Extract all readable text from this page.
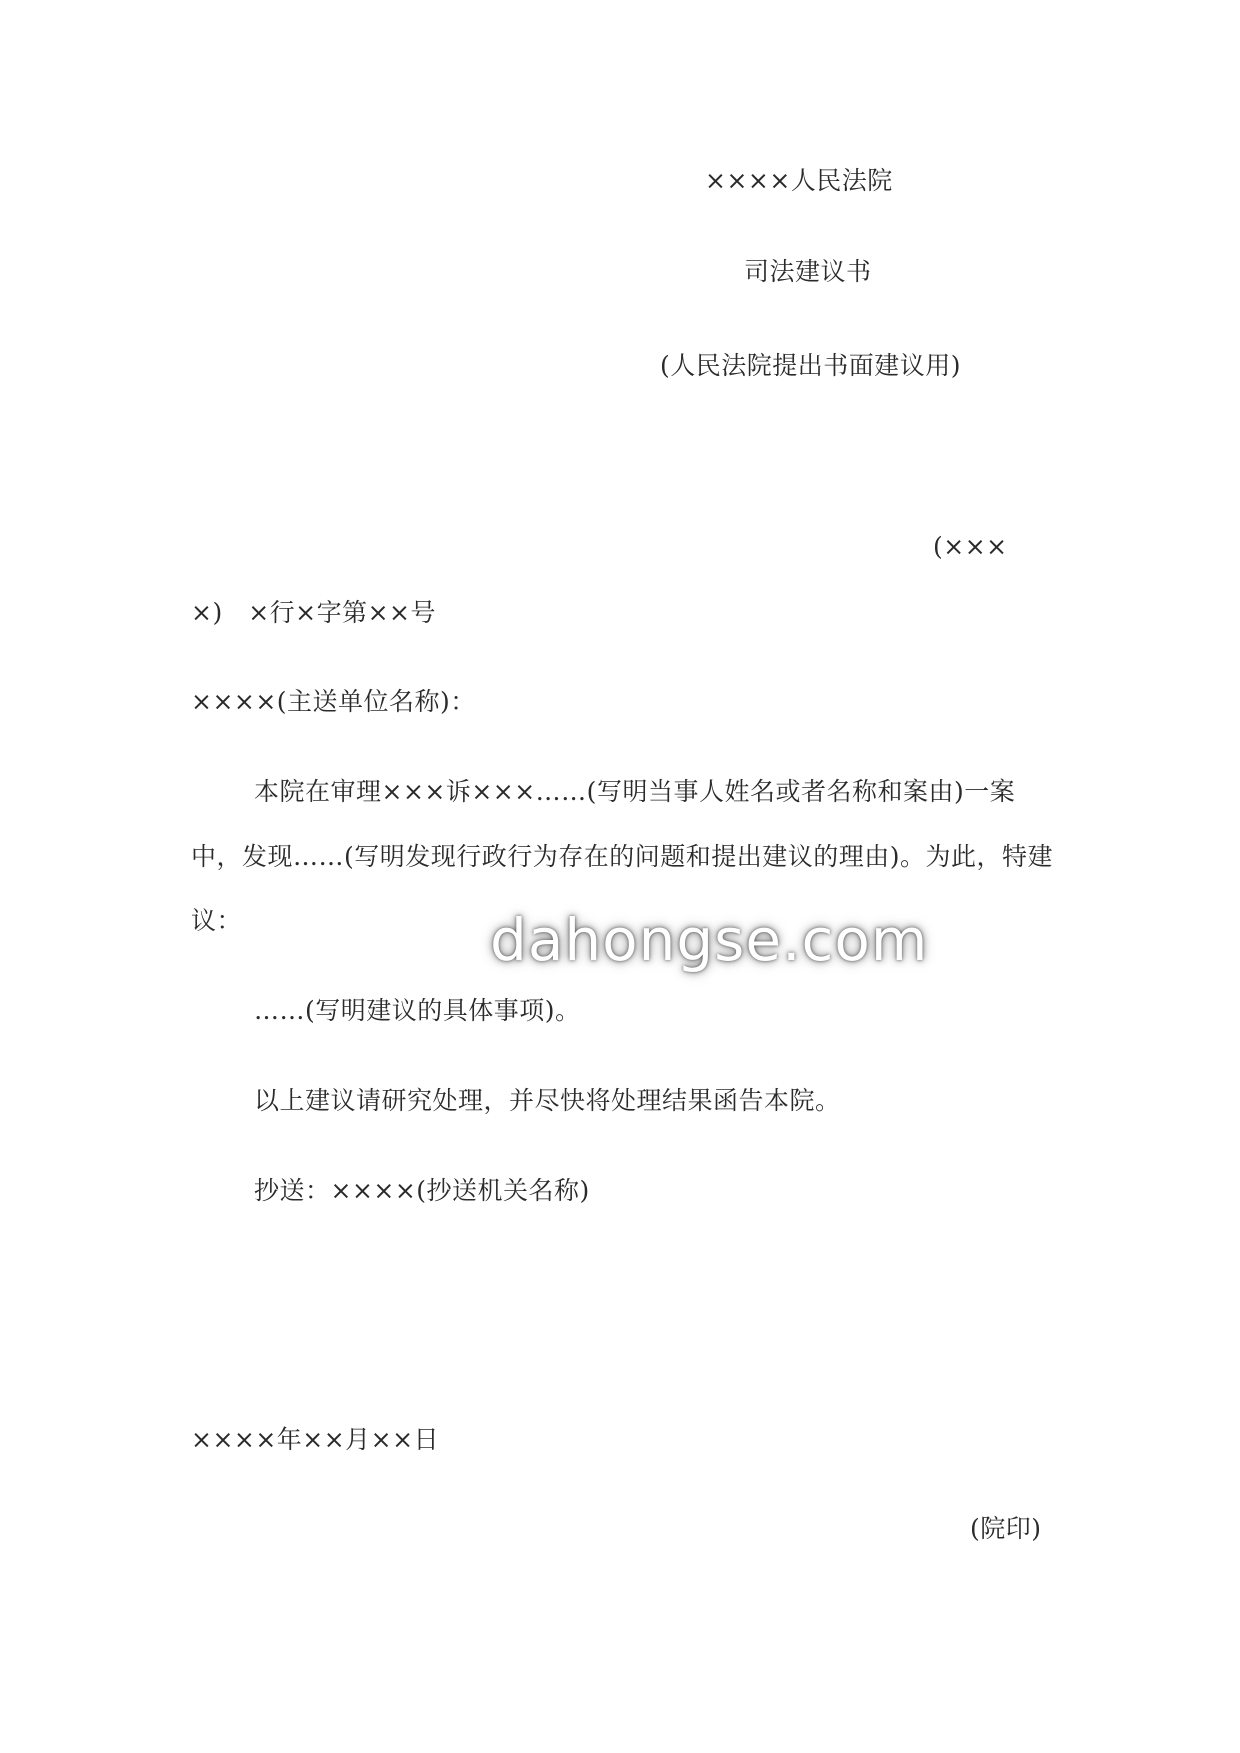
××××人民法院
司法建议书
(人民法院提出书面建议用)
(×××
×)　×行×字第××号
××××(主送单位名称)：
本院在审理×××诉×××……(写明当事人姓名或者名称和案由)一案
中，发现……(写明发现行政行为存在的问题和提出建议的理由)。为此，特建
议：
……(写明建议的具体事项)。
以上建议请研究处理，并尽快将处理结果函告本院。
抄送：××××(抄送机关名称)
××××年××月××日
(院印)
dahongse.com
